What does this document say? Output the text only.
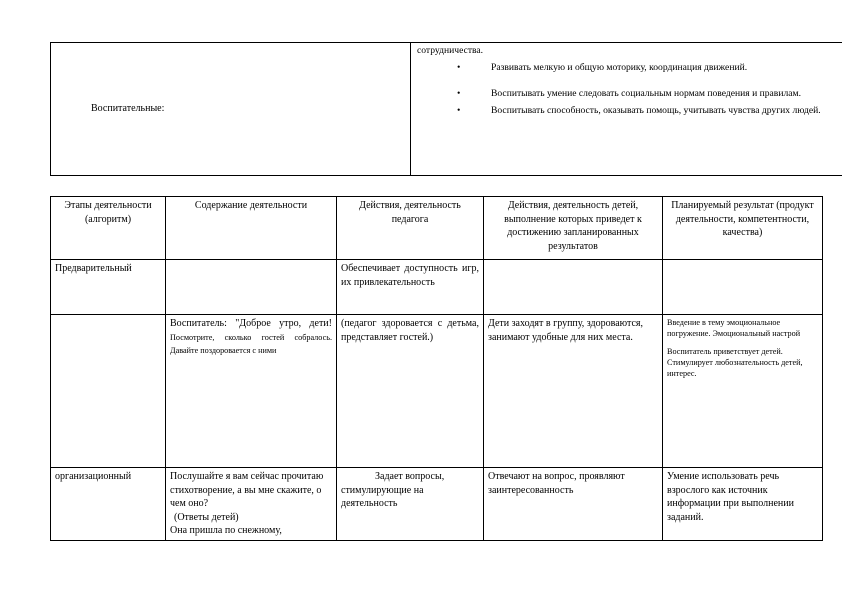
Воспитательные:	
сотрудничества.
•	Развивать мелкую и общую моторику, координация движений.
•	Воспитывать умение следовать социальным нормам поведения и правилам.
•	Воспитывать способность, оказывать помощь, учитывать чувства других людей.
Этапы деятельности (алгоритм)	Содержание деятельности	Действия, деятельность педагога	Действия, деятельность детей, выполнение которых приведет к достижению запланированных результатов	Планируемый результат (продукт деятельности, компетентности, качества)
Предварительный		Обеспечивает доступность игр, их привлекательность		
	Воспитатель: "Доброе утро, дети! Посмотрите, сколько гостей собралось. Давайте поздоровается с ними	(педагог здоровается с детьма, представляет гостей.)	Дети заходят в группу, здороваются, занимают удобные для них места.	Введение в тему эмоциональное погружение. Эмоциональный настрой

Воспитатель приветствует детей. Стимулирует любознательность детей, интерес.

организационный	Послушайте я вам сейчас прочитаю стихотворение, а вы мне скажите, о чем оно?
(Ответы детей)
Она пришла по снежному,	Задает вопросы, стимулирующие на деятельность	Отвечают на вопрос, проявляют заинтересованность	Умение использовать речь взрослого как источник информации при выполнении заданий.
